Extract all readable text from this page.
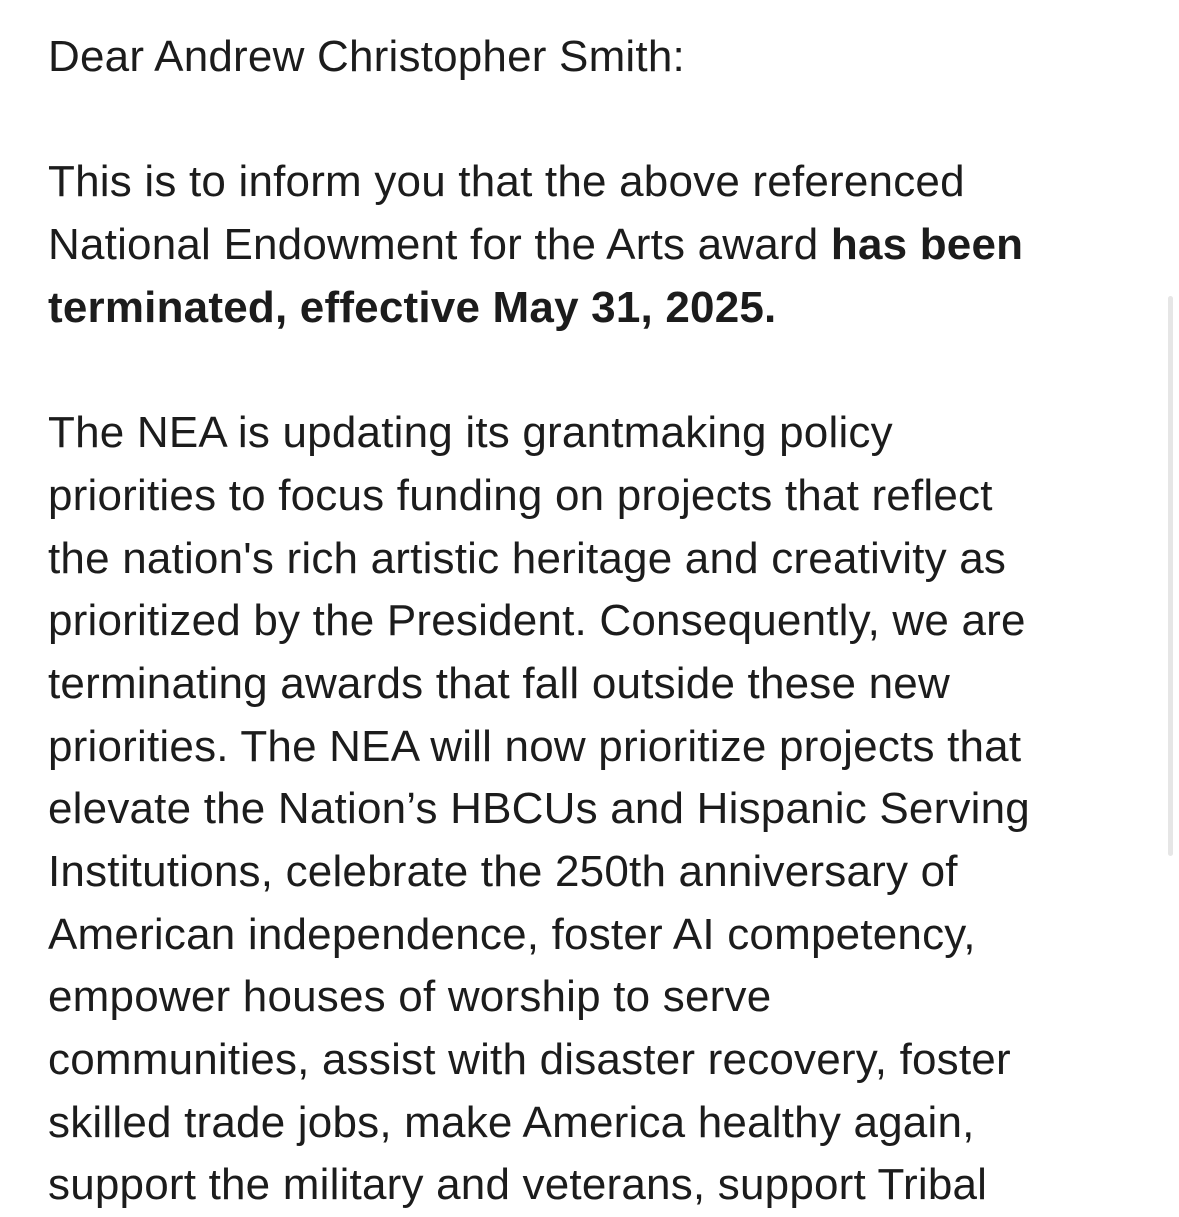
Dear Andrew Christopher Smith:
This is to inform you that the above referenced
National Endowment for the Arts award has been
terminated, effective May 31, 2025.
The NEA is updating its grantmaking policy
priorities to focus funding on projects that reflect
the nation's rich artistic heritage and creativity as
prioritized by the President. Consequently, we are
terminating awards that fall outside these new
priorities. The NEA will now prioritize projects that
elevate the Nation’s HBCUs and Hispanic Serving
Institutions, celebrate the 250th anniversary of
American independence, foster AI competency,
empower houses of worship to serve
communities, assist with disaster recovery, foster
skilled trade jobs, make America healthy again,
support the military and veterans, support Tribal
